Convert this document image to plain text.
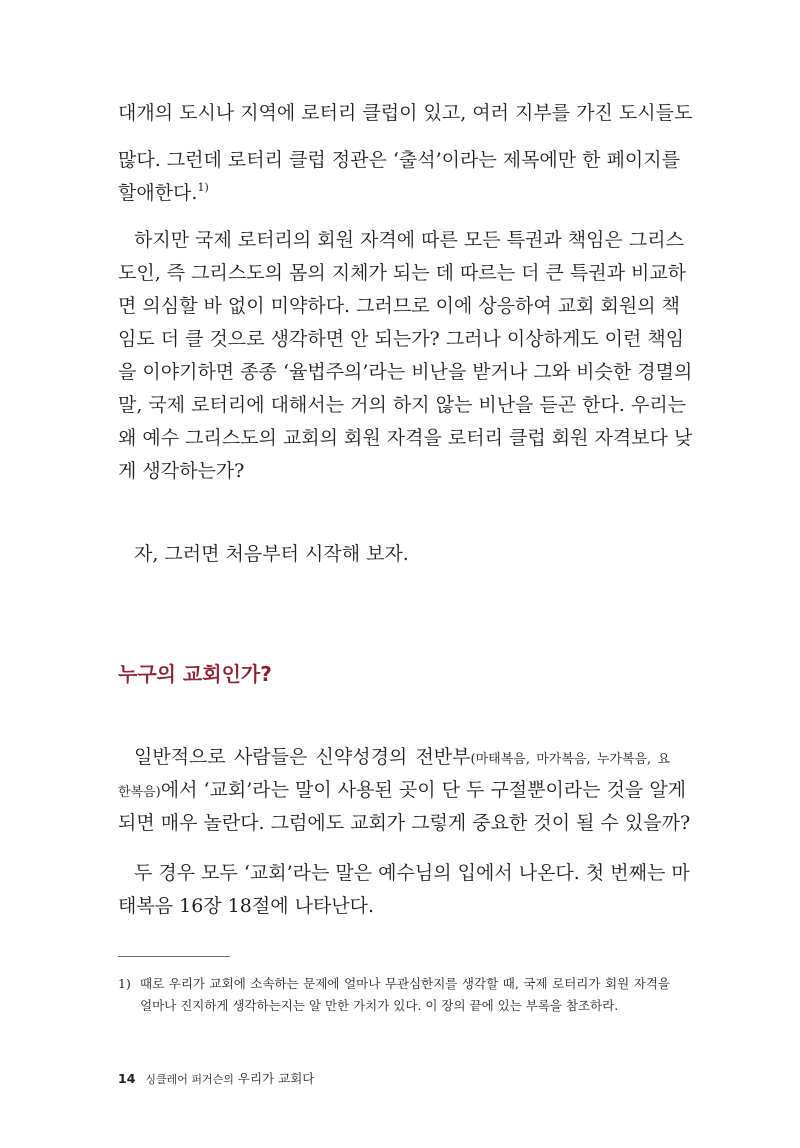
대개의 도시나 지역에 로터리 클럽이 있고, 여러 지부를 가진 도시들도
많다. 그런데 로터리 클럽 정관은 ‘출석’이라는 제목에만 한 페이지를
할애한다.$^{1)}$
하지만 국제 로터리의 회원 자격에 따른 모든 특권과 책임은 그리스
도인, 즉 그리스도의 몸의 지체가 되는 데 따르는 더 큰 특권과 비교하
면 의심할 바 없이 미약하다. 그러므로 이에 상응하여 교회 회원의 책
임도 더 클 것으로 생각하면 안 되는가? 그러나 이상하게도 이런 책임
을 이야기하면 종종 ‘율법주의’라는 비난을 받거나 그와 비슷한 경멸의
말, 국제 로터리에 대해서는 거의 하지 않는 비난을 듣곤 한다. 우리는
왜 예수 그리스도의 교회의 회원 자격을 로터리 클럽 회원 자격보다 낮
게 생각하는가?
자, 그러면 처음부터 시작해 보자.
누구의 교회인가?
일반적으로 사람들은 신약성경의 전반부(마태복음, 마가복음, 누가복음, 요
한복음)에서 ‘교회’라는 말이 사용된 곳이 단 두 구절뿐이라는 것을 알게
되면 매우 놀란다. 그럼에도 교회가 그렇게 중요한 것이 될 수 있을까?
두 경우 모두 ‘교회’라는 말은 예수님의 입에서 나온다. 첫 번째는 마
태복음 16장 18절에 나타난다.
1) 때로 우리가 교회에 소속하는 문제에 얼마나 무관심한지를 생각할 때, 국제 로터리가 회원 자격을
얼마나 진지하게 생각하는지는 알 만한 가치가 있다. 이 장의 끝에 있는 부록을 참조하라.
14 싱클레어 퍼거슨의 우리가 교회다
